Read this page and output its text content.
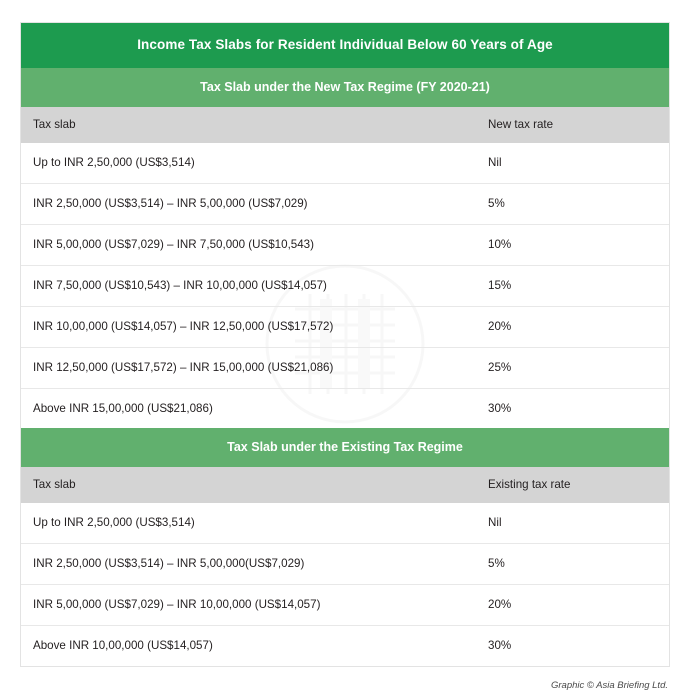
Income Tax Slabs for Resident Individual Below 60 Years of Age
Tax Slab under the New Tax Regime (FY 2020-21)
Tax slab	New tax rate
Up to INR 2,50,000 (US$3,514)	Nil
INR 2,50,000 (US$3,514) – INR 5,00,000 (US$7,029)	5%
INR 5,00,000 (US$7,029) – INR 7,50,000 (US$10,543)	10%
INR 7,50,000 (US$10,543) – INR 10,00,000 (US$14,057)	15%
INR 10,00,000 (US$14,057) – INR 12,50,000 (US$17,572)	20%
INR 12,50,000 (US$17,572) – INR 15,00,000 (US$21,086)	25%
Above INR 15,00,000 (US$21,086)	30%
Tax Slab under the Existing Tax Regime
Tax slab	Existing tax rate
Up to INR 2,50,000 (US$3,514)	Nil
INR 2,50,000 (US$3,514) – INR 5,00,000(US$7,029)	5%
INR 5,00,000 (US$7,029) – INR 10,00,000 (US$14,057)	20%
Above INR 10,00,000 (US$14,057)	30%
Graphic © Asia Briefing Ltd.
